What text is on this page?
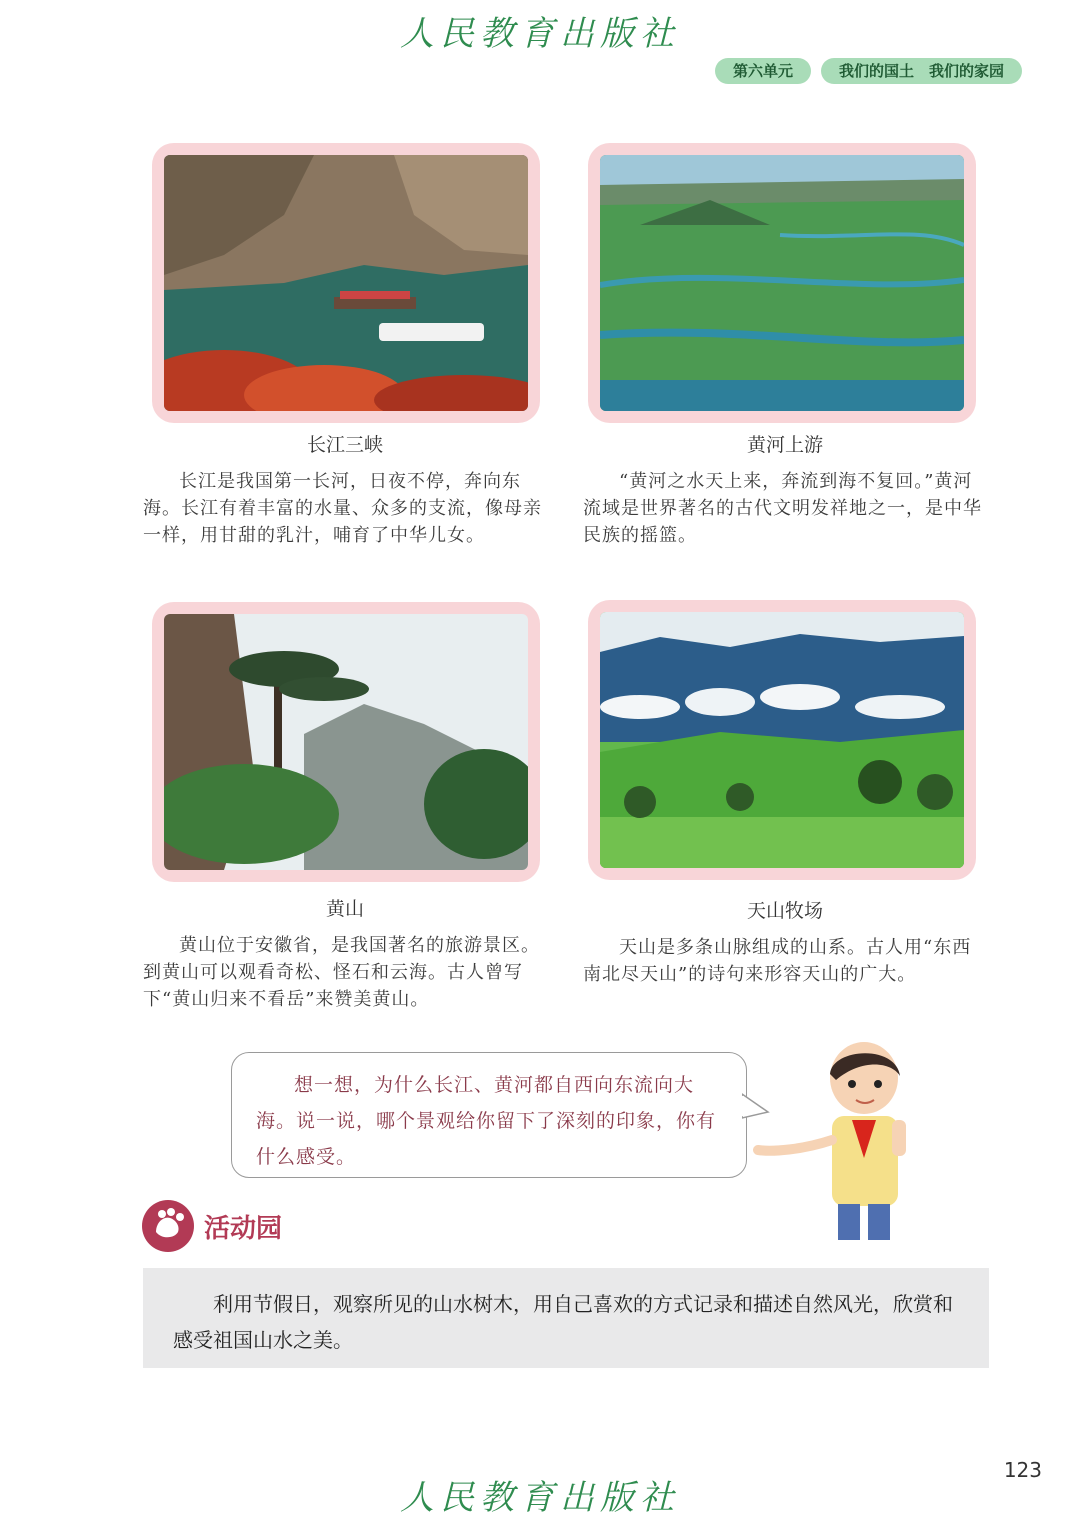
人民教育出版社
第六单元	我们的国土　我们的家园
长江三峡
长江是我国第一长河，日夜不停，奔向东海。长江有着丰富的水量、众多的支流，像母亲一样，用甘甜的乳汁，哺育了中华儿女。
黄河上游
“黄河之水天上来，奔流到海不复回。”黄河流域是世界著名的古代文明发祥地之一，是中华民族的摇篮。
黄山
黄山位于安徽省，是我国著名的旅游景区。到黄山可以观看奇松、怪石和云海。古人曾写下“黄山归来不看岳”来赞美黄山。
天山牧场
天山是多条山脉组成的山系。古人用“东西南北尽天山”的诗句来形容天山的广大。
想一想，为什么长江、黄河都自西向东流向大海。说一说，哪个景观给你留下了深刻的印象，你有什么感受。
活动园
利用节假日，观察所见的山水树木，用自己喜欢的方式记录和描述自然风光，欣赏和感受祖国山水之美。
123
人民教育出版社
